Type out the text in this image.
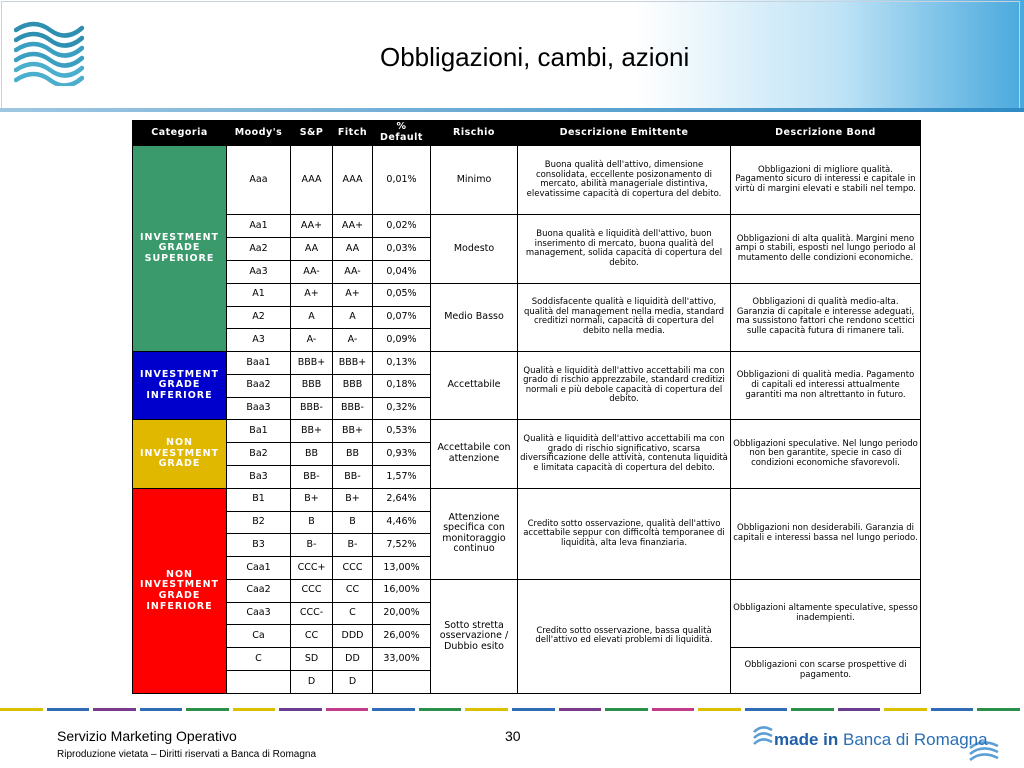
Obbligazioni, cambi, azioni
Categoria	Moody's	S&P	Fitch	% Default	Rischio	Descrizione Emittente	Descrizione Bond
INVESTMENT GRADE SUPERIORE	Aaa	AAA	AAA	0,01%	Minimo	Buona qualità dell'attivo, dimensione consolidata, eccellente posizonamento di mercato, abilità manageriale distintiva, elevatissime capacità di copertura del debito.	Obbligazioni di migliore qualità. Pagamento sicuro di interessi e capitale in virtù di margini elevati e stabili nel tempo.
	Aa1	AA+	AA+	0,02%	Modesto	Buona qualità e liquidità dell'attivo, buon inserimento di mercato, buona qualità del management, solida capacità di copertura del debito.	Obbligazioni di alta qualità. Margini meno ampi o stabili, esposti nel lungo periodo al mutamento delle condizioni economiche.
	Aa2	AA	AA	0,03%			
	Aa3	AA-	AA-	0,04%			
	A1	A+	A+	0,05%	Medio Basso	Soddisfacente qualità e liquidità dell'attivo, qualità del management nella media, standard creditizi normali, capacità di copertura del debito nella media.	Obbligazioni di qualità medio-alta. Garanzia di capitale e interesse adeguati, ma sussistono fattori che rendono scettici sulle capacità futura di rimanere tali.
	A2	A	A	0,07%			
	A3	A-	A-	0,09%			
INVESTMENT GRADE INFERIORE	Baa1	BBB+	BBB+	0,13%	Accettabile	Qualità e liquidità dell'attivo accettabili ma con grado di rischio apprezzabile, standard creditizi normali e più debole capacità di copertura del debito.	Obbligazioni di qualità media. Pagamento di capitali ed interessi attualmente garantiti ma non altrettanto in futuro.
	Baa2	BBB	BBB	0,18%			
	Baa3	BBB-	BBB-	0,32%			
NON INVESTMENT GRADE	Ba1	BB+	BB+	0,53%	Accettabile con attenzione	Qualità e liquidità dell'attivo accettabili ma con grado di rischio significativo, scarsa diversificazione delle attività, contenuta liquidità e limitata capacità di copertura del debito.	Obbligazioni speculative. Nel lungo periodo non ben garantite, specie in caso di condizioni economiche sfavorevoli.
	Ba2	BB	BB	0,93%			
	Ba3	BB-	BB-	1,57%			
NON INVESTMENT GRADE INFERIORE	B1	B+	B+	2,64%	Attenzione specifica con monitoraggio continuo	Credito sotto osservazione, qualità dell'attivo accettabile seppur con difficoltà temporanee di liquidità, alta leva finanziaria.	Obbligazioni non desiderabili. Garanzia di capitali e interessi bassa nel lungo periodo.
	B2	B	B	4,46%			
	B3	B-	B-	7,52%			
	Caa1	CCC+	CCC	13,00%			
	Caa2	CCC	CC	16,00%	Sotto stretta osservazione / Dubbio esito	Credito sotto osservazione, bassa qualità dell'attivo ed elevati problemi di liquidità.	Obbligazioni altamente speculative, spesso inadempienti.
	Caa3	CCC-	C	20,00%			
	Ca	CC	DDD	26,00%			
	C	SD	DD	33,00%			Obbligazioni con scarse prospettive di pagamento.
		D	D				
Servizio Marketing Operativo	30
Riproduzione vietata – Diritti riservati a Banca di Romagna
made in Banca di Romagna
